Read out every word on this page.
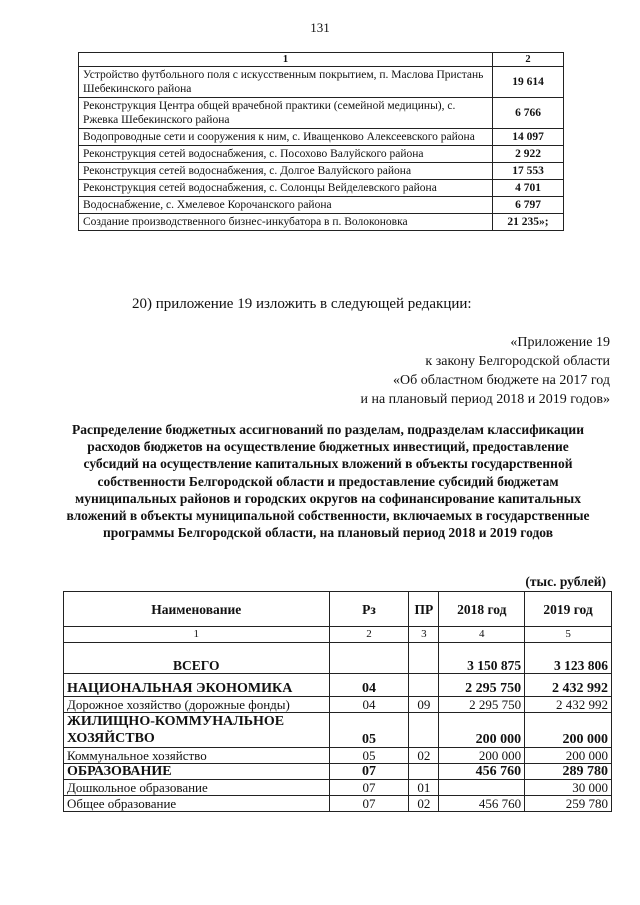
131
1	2
Устройство футбольного поля с искусственным покрытием, п. Маслова Пристань Шебекинского района	19 614
Реконструкция Центра общей врачебной практики (семейной медицины), с. Ржевка Шебекинского района	6 766
Водопроводные сети и сооружения к ним, с. Иващенково Алексеевского района	14 097
Реконструкция сетей водоснабжения, с. Посохово Валуйского района	2 922
Реконструкция сетей водоснабжения, с. Долгое Валуйского района	17 553
Реконструкция сетей водоснабжения, с. Солонцы Вейделевского района	4 701
Водоснабжение, с. Хмелевое Корочанского района	6 797
Создание производственного бизнес-инкубатора в п. Волоконовка	21 235»;
20) приложение 19 изложить в следующей редакции:
«Приложение 19
к закону Белгородской области
«Об областном бюджете на 2017 год
и на плановый период 2018 и 2019 годов»
Распределение бюджетных ассигнований по разделам, подразделам классификации расходов бюджетов на осуществление бюджетных инвестиций, предоставление субсидий на осуществление капитальных вложений в объекты государственной собственности Белгородской области и предоставление субсидий бюджетам муниципальных районов и городских округов на софинансирование капитальных вложений в объекты муниципальной собственности, включаемых в государственные программы Белгородской области, на плановый период 2018 и 2019 годов
(тыс. рублей)
Наименование	Рз	ПР	2018 год	2019 год
1	2	3	4	5
ВСЕГО			3 150 875	3 123 806
НАЦИОНАЛЬНАЯ ЭКОНОМИКА	04		2 295 750	2 432 992
Дорожное хозяйство (дорожные фонды)	04	09	2 295 750	2 432 992
ЖИЛИЩНО-КОММУНАЛЬНОЕ ХОЗЯЙСТВО	05		200 000	200 000
Коммунальное хозяйство	05	02	200 000	200 000
ОБРАЗОВАНИЕ	07		456 760	289 780
Дошкольное образование	07	01		30 000
Общее образование	07	02	456 760	259 780
